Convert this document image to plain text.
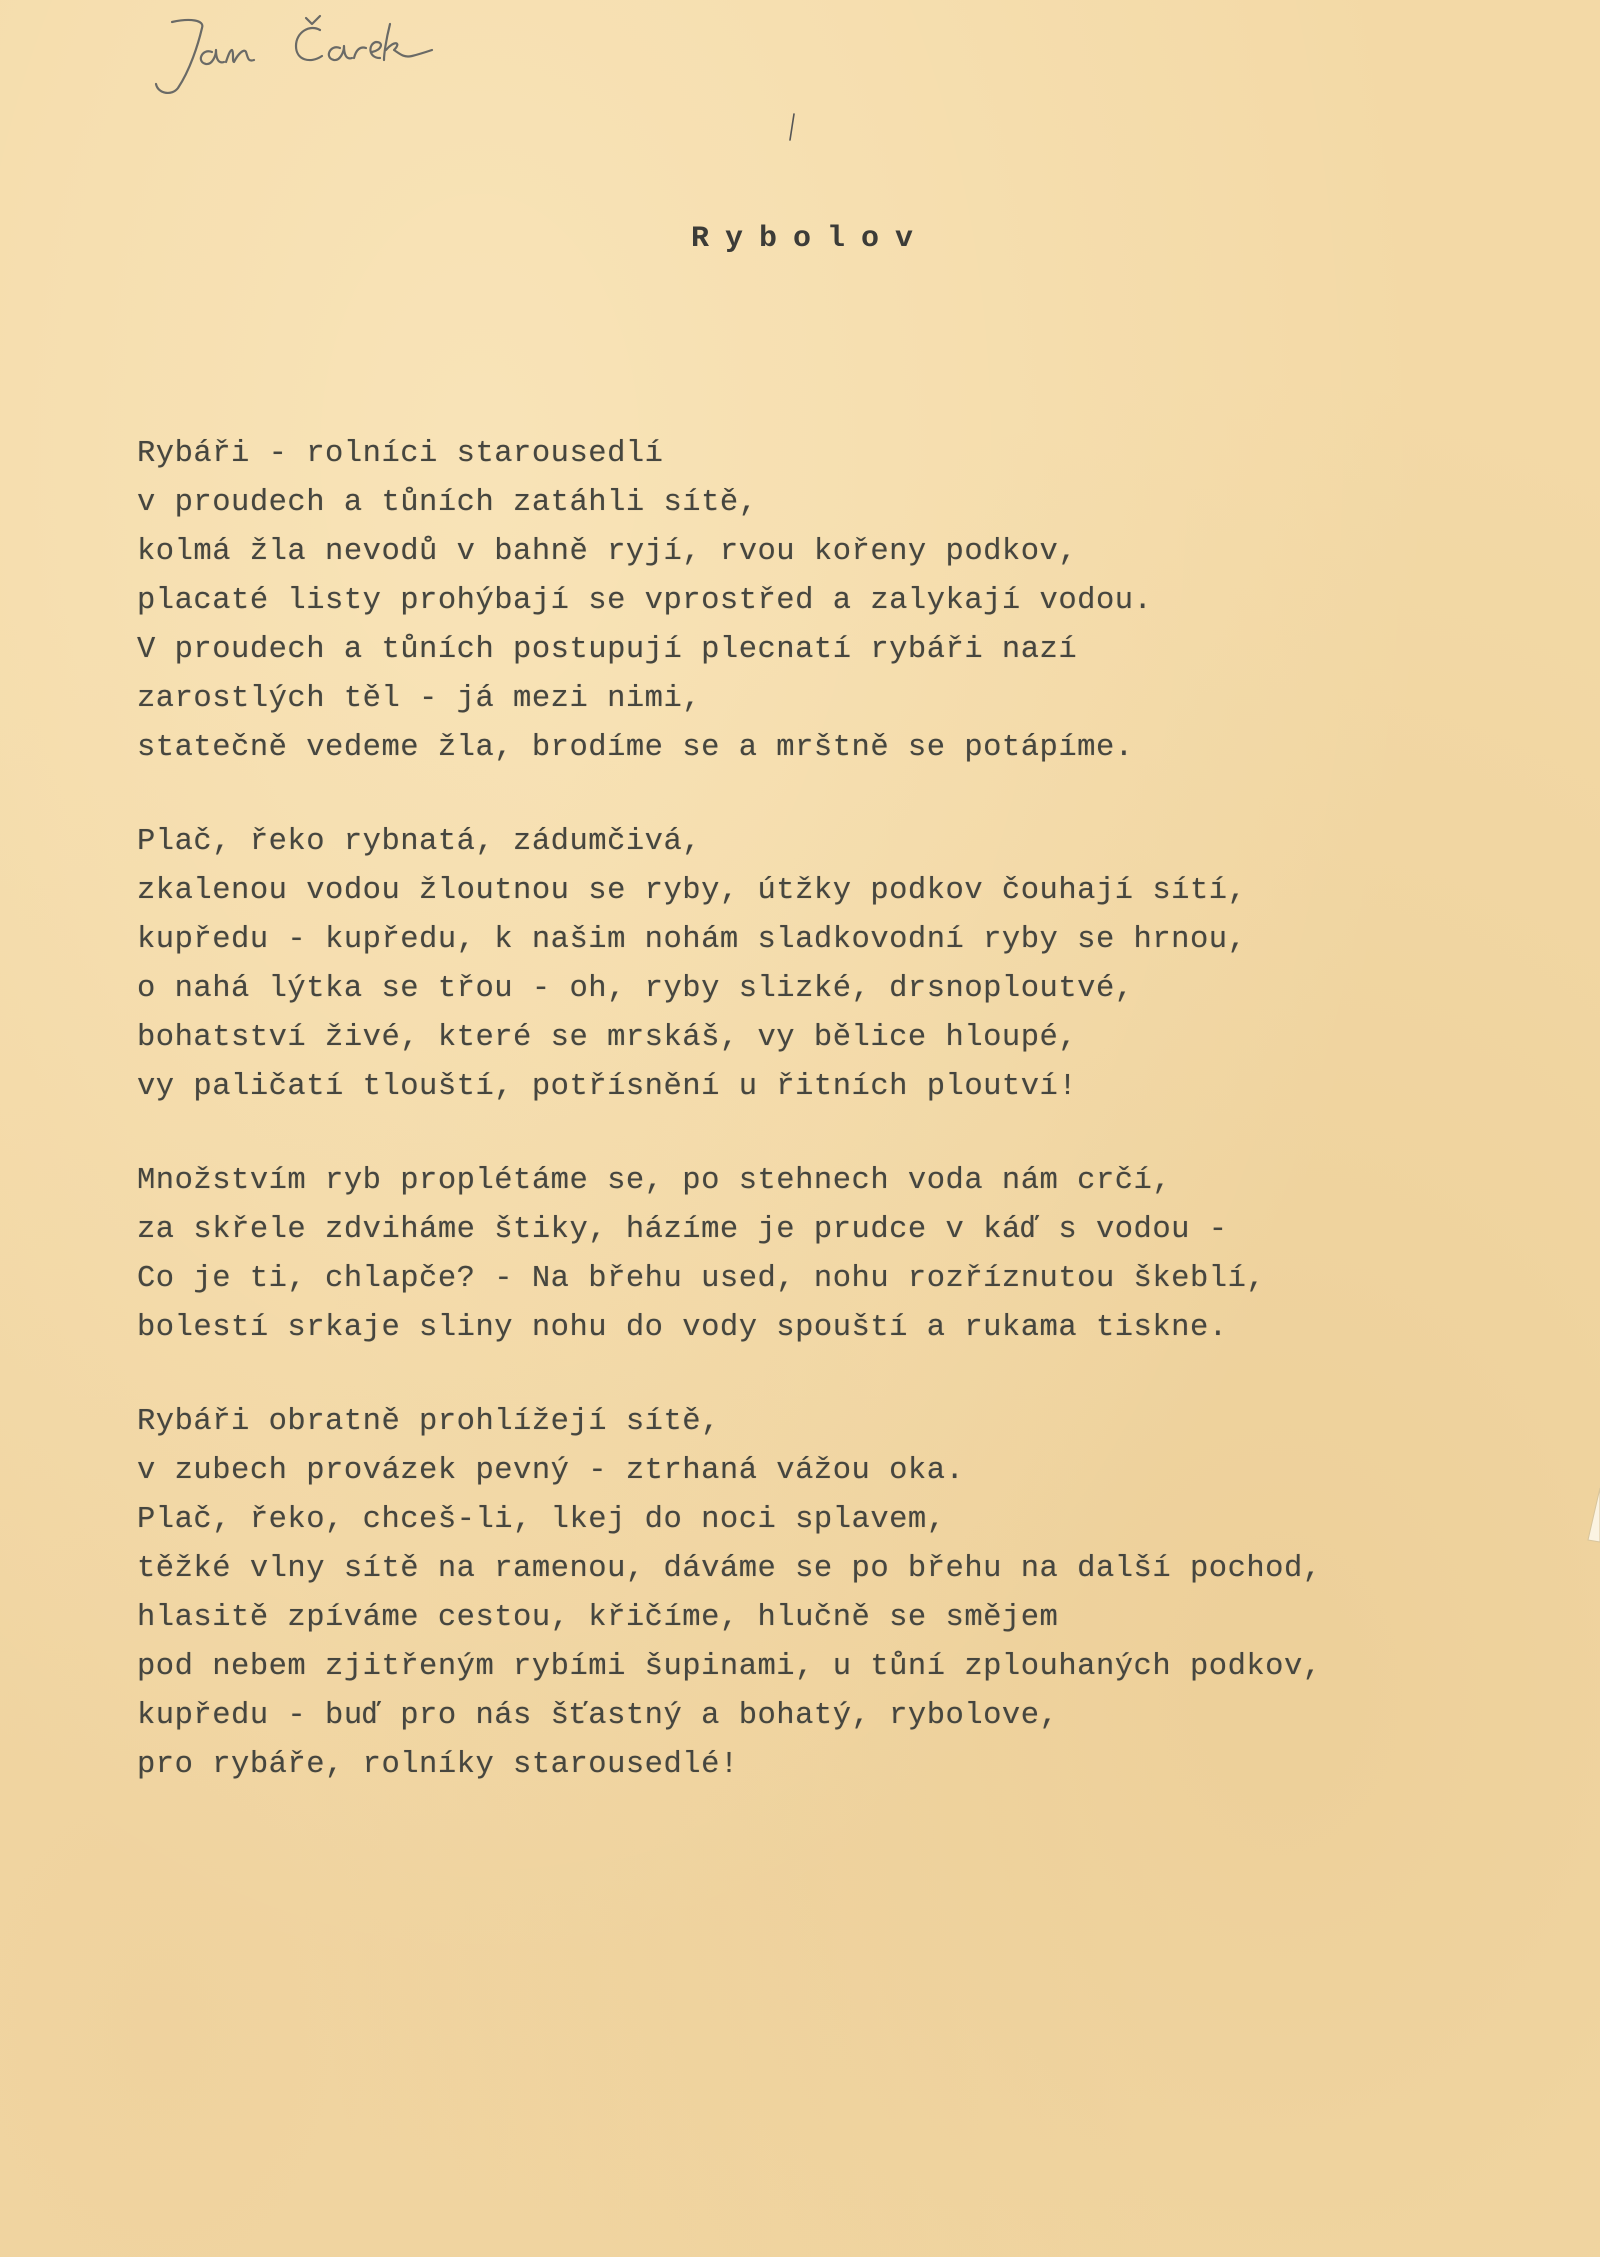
Rybolov
Rybáři - rolníci starousedlí
v proudech a tůních zatáhli sítě,
kolmá žla nevodů v bahně ryjí, rvou kořeny podkov,
placaté listy prohýbají se vprostřed a zalykají vodou.
V proudech a tůních postupují plecnatí rybáři nazí
zarostlých těl - já mezi nimi,
statečně vedeme žla, brodíme se a mrštně se potápíme.
Plač, řeko rybnatá, zádumčivá,
zkalenou vodou žloutnou se ryby, útžky podkov čouhají sítí,
kupředu - kupředu, k našim nohám sladkovodní ryby se hrnou,
o nahá lýtka se třou - oh, ryby slizké, drsnoploutvé,
bohatství živé, které se mrskáš, vy bělice hloupé,
vy paličatí tlouští, potřísnění u řitních ploutví!
Množstvím ryb proplétáme se, po stehnech voda nám crčí,
za skřele zdviháme štiky, házíme je prudce v káď s vodou -
Co je ti, chlapče? - Na břehu used, nohu rozříznutou škeblí,
bolestí srkaje sliny nohu do vody spouští a rukama tiskne.
Rybáři obratně prohlížejí sítě,
v zubech provázek pevný - ztrhaná vážou oka.
Plač, řeko, chceš-li, lkej do noci splavem,
těžké vlny sítě na ramenou, dáváme se po břehu na další pochod,
hlasitě zpíváme cestou, křičíme, hlučně se smějem
pod nebem zjitřeným rybími šupinami, u tůní zplouhaných podkov,
kupředu - buď pro nás šťastný a bohatý, rybolove,
pro rybáře, rolníky starousedlé!
